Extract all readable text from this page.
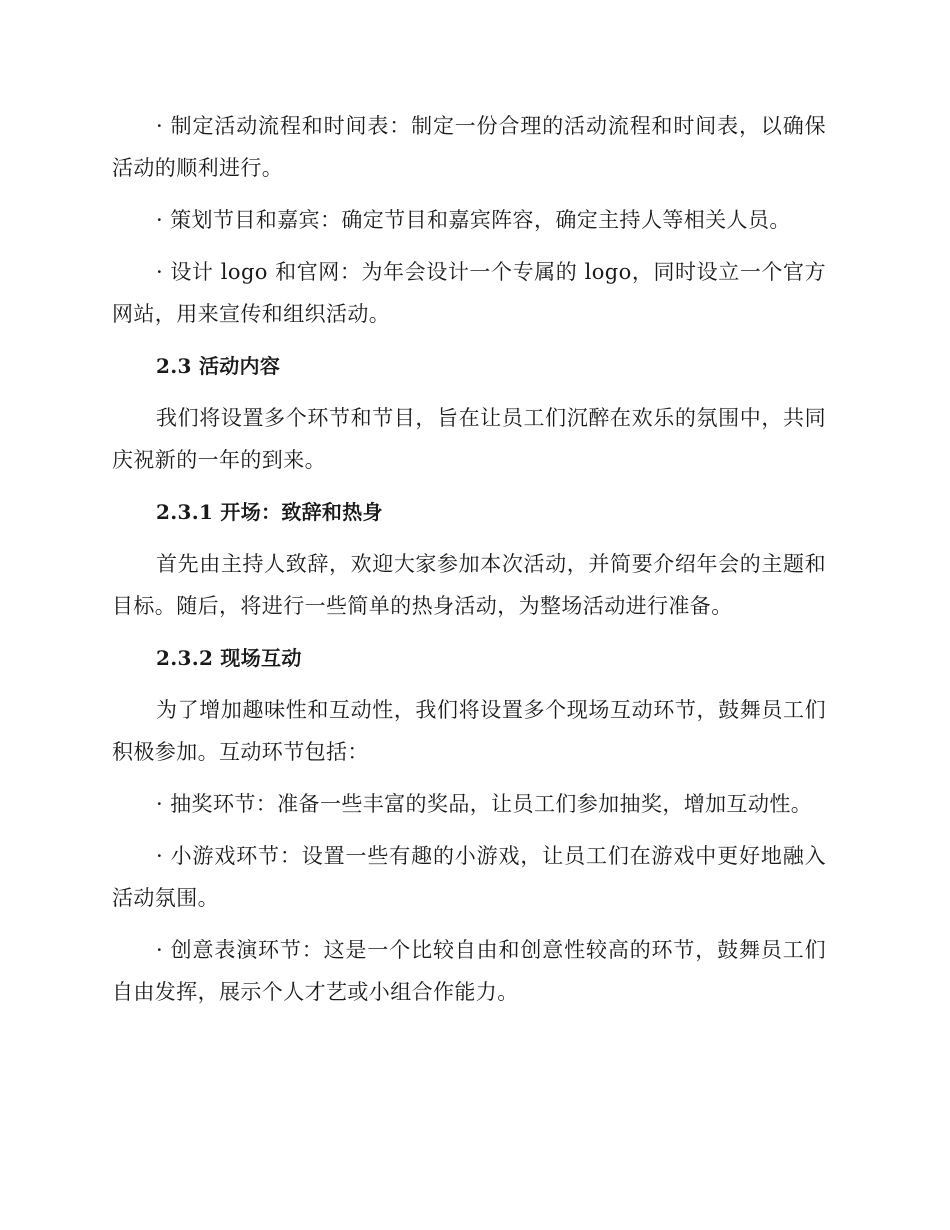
· 制定活动流程和时间表：制定一份合理的活动流程和时间表，以确保活动的顺利进行。

· 策划节目和嘉宾：确定节目和嘉宾阵容，确定主持人等相关人员。

· 设计 logo 和官网：为年会设计一个专属的 logo，同时设立一个官方网站，用来宣传和组织活动。

2.3 活动内容

我们将设置多个环节和节目，旨在让员工们沉醉在欢乐的氛围中，共同庆祝新的一年的到来。

2.3.1 开场：致辞和热身

首先由主持人致辞，欢迎大家参加本次活动，并简要介绍年会的主题和目标。随后，将进行一些简单的热身活动，为整场活动进行准备。

2.3.2 现场互动

为了增加趣味性和互动性，我们将设置多个现场互动环节，鼓舞员工们积极参加。互动环节包括：

· 抽奖环节：准备一些丰富的奖品，让员工们参加抽奖，增加互动性。

· 小游戏环节：设置一些有趣的小游戏，让员工们在游戏中更好地融入活动氛围。

· 创意表演环节：这是一个比较自由和创意性较高的环节，鼓舞员工们自由发挥，展示个人才艺或小组合作能力。
